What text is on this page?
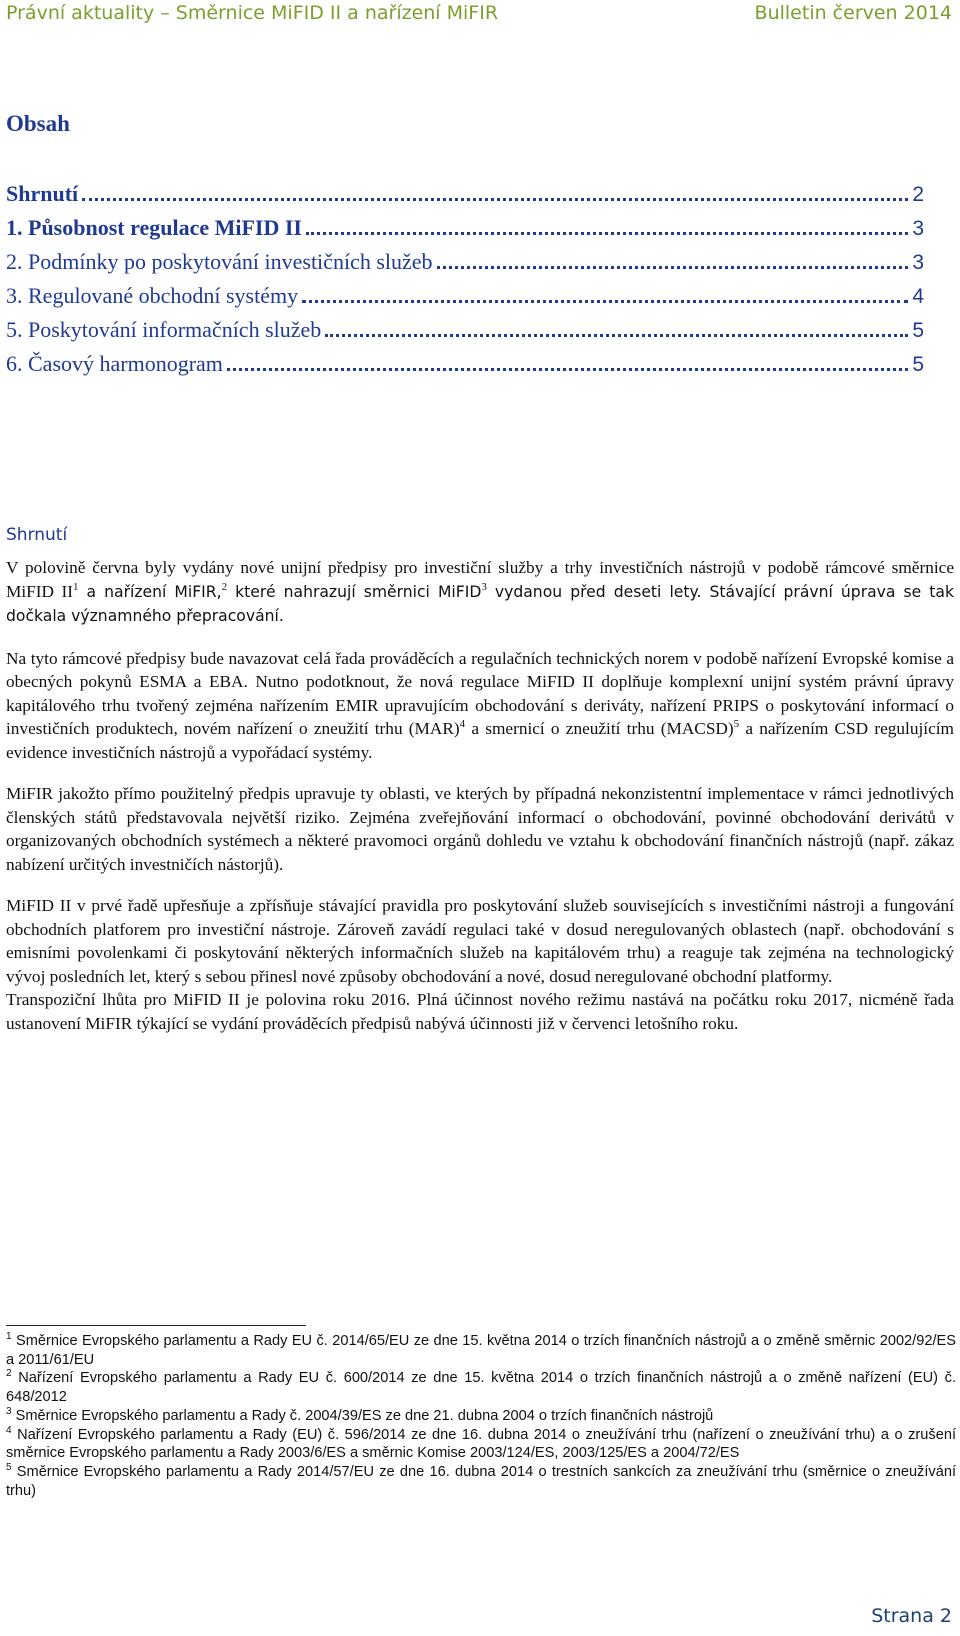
Právní aktuality – Směrnice MiFID II a nařízení MiFIR	Bulletin červen 2014
Obsah
Shrnutí	2
1. Působnost regulace MiFID II	3
2. Podmínky po poskytování investičních služeb	3
3. Regulované obchodní systémy	4
5. Poskytování informačních služeb	5
6. Časový harmonogram	5
Shrnutí

V polovině června byly vydány nové unijní předpisy pro investiční služby a trhy investičních nástrojů v podobě rámcové směrnice MiFID $II^1$ a nařízení MiFIR,$^2$ které nahrazují směrnici MiFID$^3$ vydanou před deseti lety. Stávající právní úprava se tak dočkala významného přepracování.

Na tyto rámcové předpisy bude navazovat celá řada prováděcích a regulačních technických norem v podobě nařízení Evropské komise a obecných pokynů ESMA a EBA. Nutno podotknout, že nová regulace MiFID II doplňuje komplexní unijní systém právní úpravy kapitálového trhu tvořený zejména nařízením EMIR upravujícím obchodování s deriváty, nařízení PRIPS o poskytování informací o investičních produktech, novém nařízení o zneužití trhu (MAR)$^4$ a smernicí o zneužití trhu (MACSD)$^5$ a nařízením CSD regulujícím evidence investičních nástrojů a vypořádací systémy.

MiFIR jakožto přímo použitelný předpis upravuje ty oblasti, ve kterých by případná nekonzistentní implementace v rámci jednotlivých členských států představovala největší riziko. Zejména zveřejňování informací o obchodování, povinné obchodování derivátů v organizovaných obchodních systémech a některé pravomoci orgánů dohledu ve vztahu k obchodování finančních nástrojů (např. zákaz nabízení určitých investničích nástorjů).

MiFID II v prvé řadě upřesňuje a zpřísňuje stávající pravidla pro poskytování služeb souvisejících s investičními nástroji a fungování obchodních platforem pro investiční nástroje. Zároveň zavádí regulaci také v dosud neregulovaných oblastech (např. obchodování s emisními povolenkami či poskytování některých informačních služeb na kapitálovém trhu) a reaguje tak zejména na technologický vývoj posledních let, který s sebou přinesl nové způsoby obchodování a nové, dosud neregulované obchodní platformy.

Transpoziční lhůta pro MiFID II je polovina roku 2016. Plná účinnost nového režimu nastává na počátku roku 2017, nicméně řada ustanovení MiFIR týkající se vydání prováděcích předpisů nabývá účinnosti již v červenci letošního roku.

$^1$ Směrnice Evropského parlamentu a Rady EU č. 2014/65/EU ze dne 15. května 2014 o trzích finančních nástrojů a o změně směrnic 2002/92/ES a 2011/61/EU
$^2$ Nařízení Evropského parlamentu a Rady EU č. 600/2014 ze dne 15. května 2014 o trzích finančních nástrojů a o změně nařízení (EU) č. 648/2012
$^3$ Směrnice Evropského parlamentu a Rady č. 2004/39/ES ze dne 21. dubna 2004 o trzích finančních nástrojů
$^4$ Nařízení Evropského parlamentu a Rady (EU) č. 596/2014 ze dne 16. dubna 2014 o zneužívání trhu (nařízení o zneužívání trhu) a o zrušení směrnice Evropského parlamentu a Rady 2003/6/ES a směrnic Komise 2003/124/ES, 2003/125/ES a 2004/72/ES
$^5$ Směrnice Evropského parlamentu a Rady 2014/57/EU ze dne 16. dubna 2014 o trestních sankcích za zneužívání trhu (směrnice o zneužívání trhu)
Strana 2
